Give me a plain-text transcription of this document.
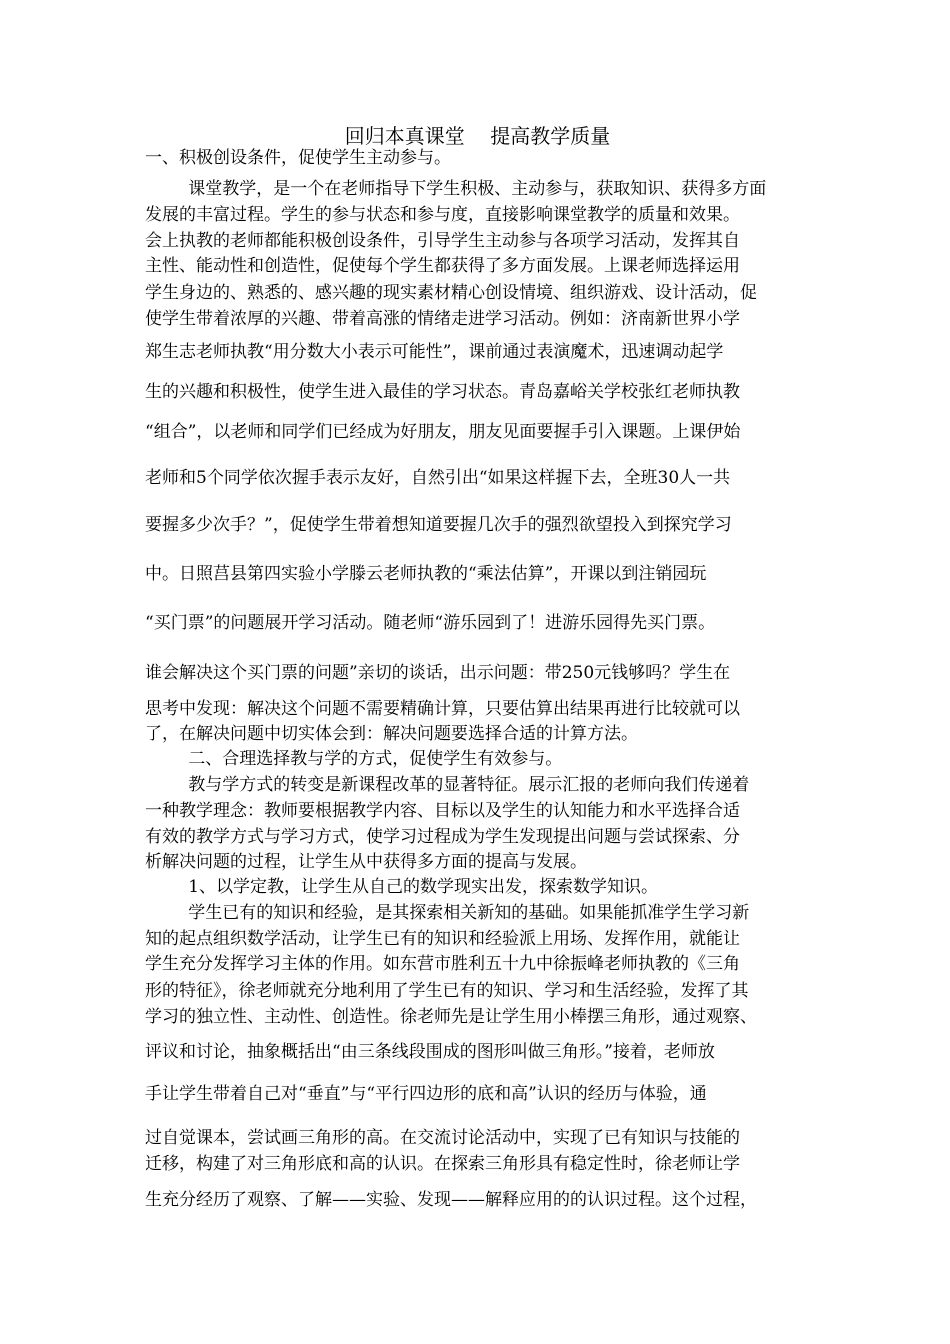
回归本真课堂    提高教学质量
一、积极创设条件，促使学生主动参与。
课堂教学，是一个在老师指导下学生积极、主动参与，获取知识、获得多方面
发展的丰富过程。学生的参与状态和参与度，直接影响课堂教学的质量和效果。
会上执教的老师都能积极创设条件，引导学生主动参与各项学习活动，发挥其自
主性、能动性和创造性，促使每个学生都获得了多方面发展。上课老师选择运用
学生身边的、熟悉的、感兴趣的现实素材精心创设情境、组织游戏、设计活动，促
使学生带着浓厚的兴趣、带着高涨的情绪走进学习活动。例如：济南新世界小学
郑生志老师执教“用分数大小表示可能性”，课前通过表演魔术，迅速调动起学
生的兴趣和积极性，使学生进入最佳的学习状态。青岛嘉峪关学校张红老师执教
“组合”，以老师和同学们已经成为好朋友，朋友见面要握手引入课题。上课伊始
老师和5个同学依次握手表示友好，自然引出“如果这样握下去，全班30人一共
要握多少次手？”，促使学生带着想知道要握几次手的强烈欲望投入到探究学习
中。日照莒县第四实验小学滕云老师执教的“乘法估算”，开课以到注销园玩
“买门票”的问题展开学习活动。随老师“游乐园到了！进游乐园得先买门票。
谁会解决这个买门票的问题”亲切的谈话，出示问题：带250元钱够吗？学生在
思考中发现：解决这个问题不需要精确计算，只要估算出结果再进行比较就可以
了，在解决问题中切实体会到：解决问题要选择合适的计算方法。
二、合理选择教与学的方式，促使学生有效参与。
教与学方式的转变是新课程改革的显著特征。展示汇报的老师向我们传递着
一种教学理念：教师要根据教学内容、目标以及学生的认知能力和水平选择合适
有效的教学方式与学习方式，使学习过程成为学生发现提出问题与尝试探索、分
析解决问题的过程，让学生从中获得多方面的提高与发展。
1、以学定教，让学生从自己的数学现实出发，探索数学知识。
学生已有的知识和经验，是其探索相关新知的基础。如果能抓准学生学习新
知的起点组织数学活动，让学生已有的知识和经验派上用场、发挥作用，就能让
学生充分发挥学习主体的作用。如东营市胜利五十九中徐振峰老师执教的《三角
形的特征》，徐老师就充分地利用了学生已有的知识、学习和生活经验，发挥了其
学习的独立性、主动性、创造性。徐老师先是让学生用小棒摆三角形，通过观察、
评议和讨论，抽象概括出“由三条线段围成的图形叫做三角形。”接着，老师放
手让学生带着自己对“垂直”与“平行四边形的底和高”认识的经历与体验，通
过自觉课本，尝试画三角形的高。在交流讨论活动中，实现了已有知识与技能的
迁移，构建了对三角形底和高的认识。在探索三角形具有稳定性时，徐老师让学
生充分经历了观察、了解——实验、发现——解释应用的的认识过程。这个过程，
